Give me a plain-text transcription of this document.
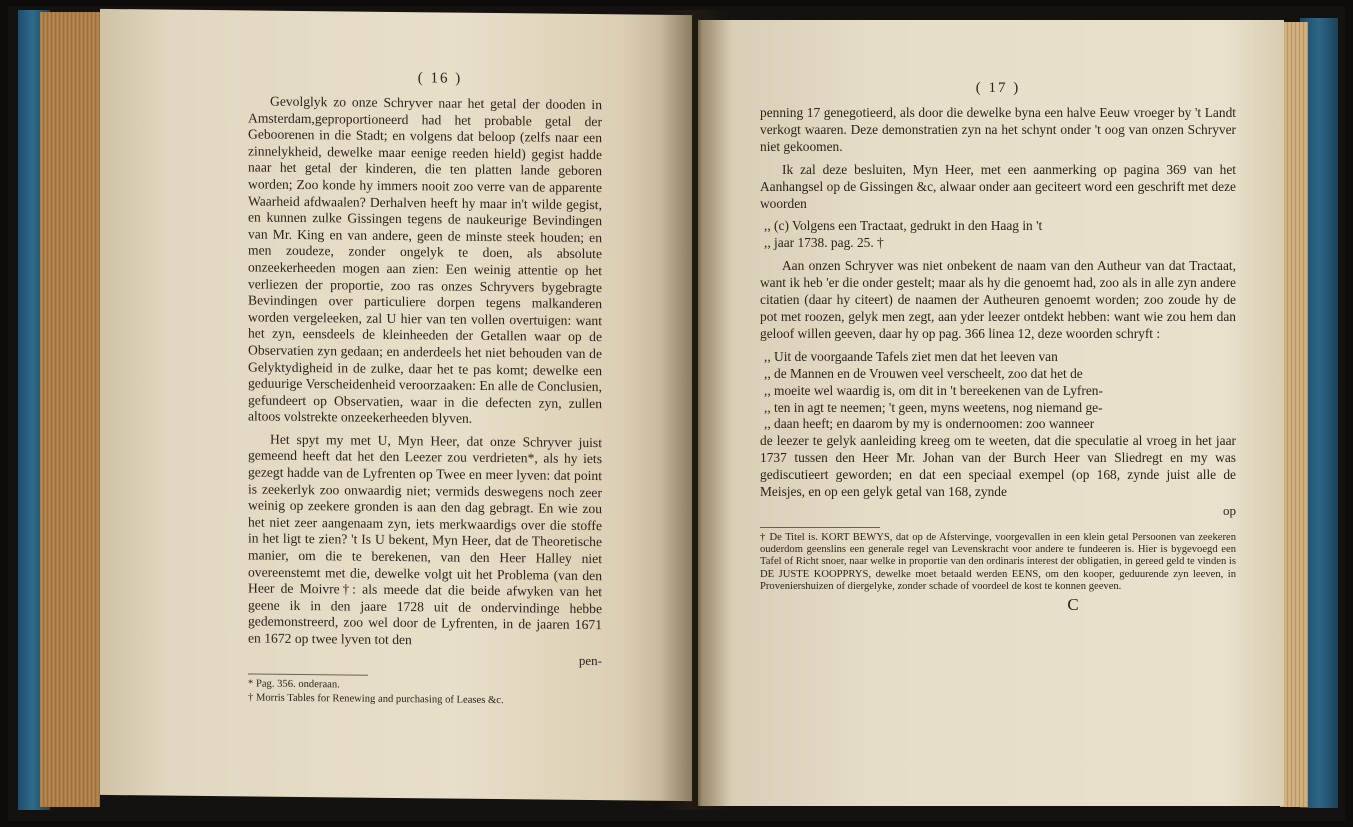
( 16 )

Gevolglyk zo onze Schryver naar het getal der dooden in Amsterdam,geproportioneerd had het probable getal der Geboorenen in die Stadt; en volgens dat beloop (zelfs naar een zinnelykheid, dewelke maar eenige reeden hield) gegist hadde naar het getal der kinderen, die ten platten lande geboren worden; Zoo konde hy immers nooit zoo verre van de apparente Waarheid afdwaalen? Derhalven heeft hy maar in't wilde gegist, en kunnen zulke Gissingen tegens de naukeurige Bevindingen van Mr. King en van andere, geen de minste steek houden; en men zoudeze, zonder ongelyk te doen, als absolute onzeekerheeden mogen aan zien: Een weinig attentie op het verliezen der proportie, zoo ras onzes Schryvers bygebragte Bevindingen over particuliere dorpen tegens malkanderen worden vergeleeken, zal U hier van ten vollen overtuigen: want het zyn, eensdeels de kleinheeden der Getallen waar op de Observatien zyn gedaan; en anderdeels het niet behouden van de Gelyktydigheid in de zulke, daar het te pas komt; dewelke een geduurige Verscheidenheid veroorzaaken: En alle de Conclusien, gefundeert op Observatien, waar in die defecten zyn, zullen altoos volstrekte onzeekerheeden blyven.

Het spyt my met U, Myn Heer, dat onze Schryver juist gemeend heeft dat het den Leezer zou verdrieten*, als hy iets gezegt hadde van de Lyfrenten op Twee en meer lyven: dat point is zeekerlyk zoo onwaardig niet; vermids deswegens noch zeer weinig op zeekere gronden is aan den dag gebragt. En wie zou het niet zeer aangenaam zyn, iets merkwaardigs over die stoffe in het ligt te zien? 't Is U bekent, Myn Heer, dat de Theoretische manier, om die te berekenen, van den Heer Halley niet overeenstemt met die, dewelke volgt uit het Problema (van den Heer de Moivre†: als meede dat die beide afwyken van het geene ik in den jaare 1728 uit de ondervindinge hebbe gedemonstreerd, zoo wel door de Lyfrenten, in de jaaren 1671 en 1672 op twee lyven tot den

pen-

* Pag. 356. onderaan.

† Morris Tables for Renewing and purchasing of Leases &c.

( 17 )

penning 17 genegotieerd, als door die dewelke byna een halve Eeuw vroeger by 't Landt verkogt waaren. Deze demonstratien zyn na het schynt onder 't oog van onzen Schryver niet gekoomen.

Ik zal deze besluiten, Myn Heer, met een aanmerking op pagina 369 van het Aanhangsel op de Gissingen &c, alwaar onder aan geciteert word een geschrift met deze woorden

,, (c) Volgens een Tractaat, gedrukt in den Haag in 't
,, jaar 1738. pag. 25. †

Aan onzen Schryver was niet onbekent de naam van den Autheur van dat Tractaat, want ik heb 'er die onder gestelt; maar als hy die genoemt had, zoo als in alle zyn andere citatien (daar hy citeert) de naamen der Autheuren genoemt worden; zoo zoude hy de pot met roozen, gelyk men zegt, aan yder leezer ontdekt hebben: want wie zou hem dan geloof willen geeven, daar hy op pag. 366 linea 12, deze woorden schryft :

,, Uit de voorgaande Tafels ziet men dat het leeven van
,, de Mannen en de Vrouwen veel verscheelt, zoo dat het de
,, moeite wel waardig is, om dit in 't bereekenen van de Lyfren-
,, ten in agt te neemen; 't geen, myns weetens, nog niemand ge-
,, daan heeft; en daarom by my is ondernoomen: zoo wanneer

de leezer te gelyk aanleiding kreeg om te weeten, dat die speculatie al vroeg in het jaar 1737 tussen den Heer Mr. Johan van der Burch Heer van Sliedregt en my was gediscutieert geworden; en dat een speciaal exempel (op 168, zynde juist alle de Meisjes, en op een gelyk getal van 168, zynde

op

† De Titel is. KORT BEWYS, dat op de Afstervinge, voorgevallen in een klein getal Persoonen van zeekeren ouderdom geenslins een generale regel van Levenskracht voor andere te fundeeren is. Hier is bygevoegd een Tafel of Richt snoer, naar welke in proportie van den ordinaris interest der obligatien, in gereed geld te vinden is DE JUSTE KOOPPRYS, dewelke moet betaald werden EENS, om den kooper, geduurende zyn leeven, in Proveniershuizen of diergelyke, zonder schade of voordeel de kost te konnen geeven.

C
